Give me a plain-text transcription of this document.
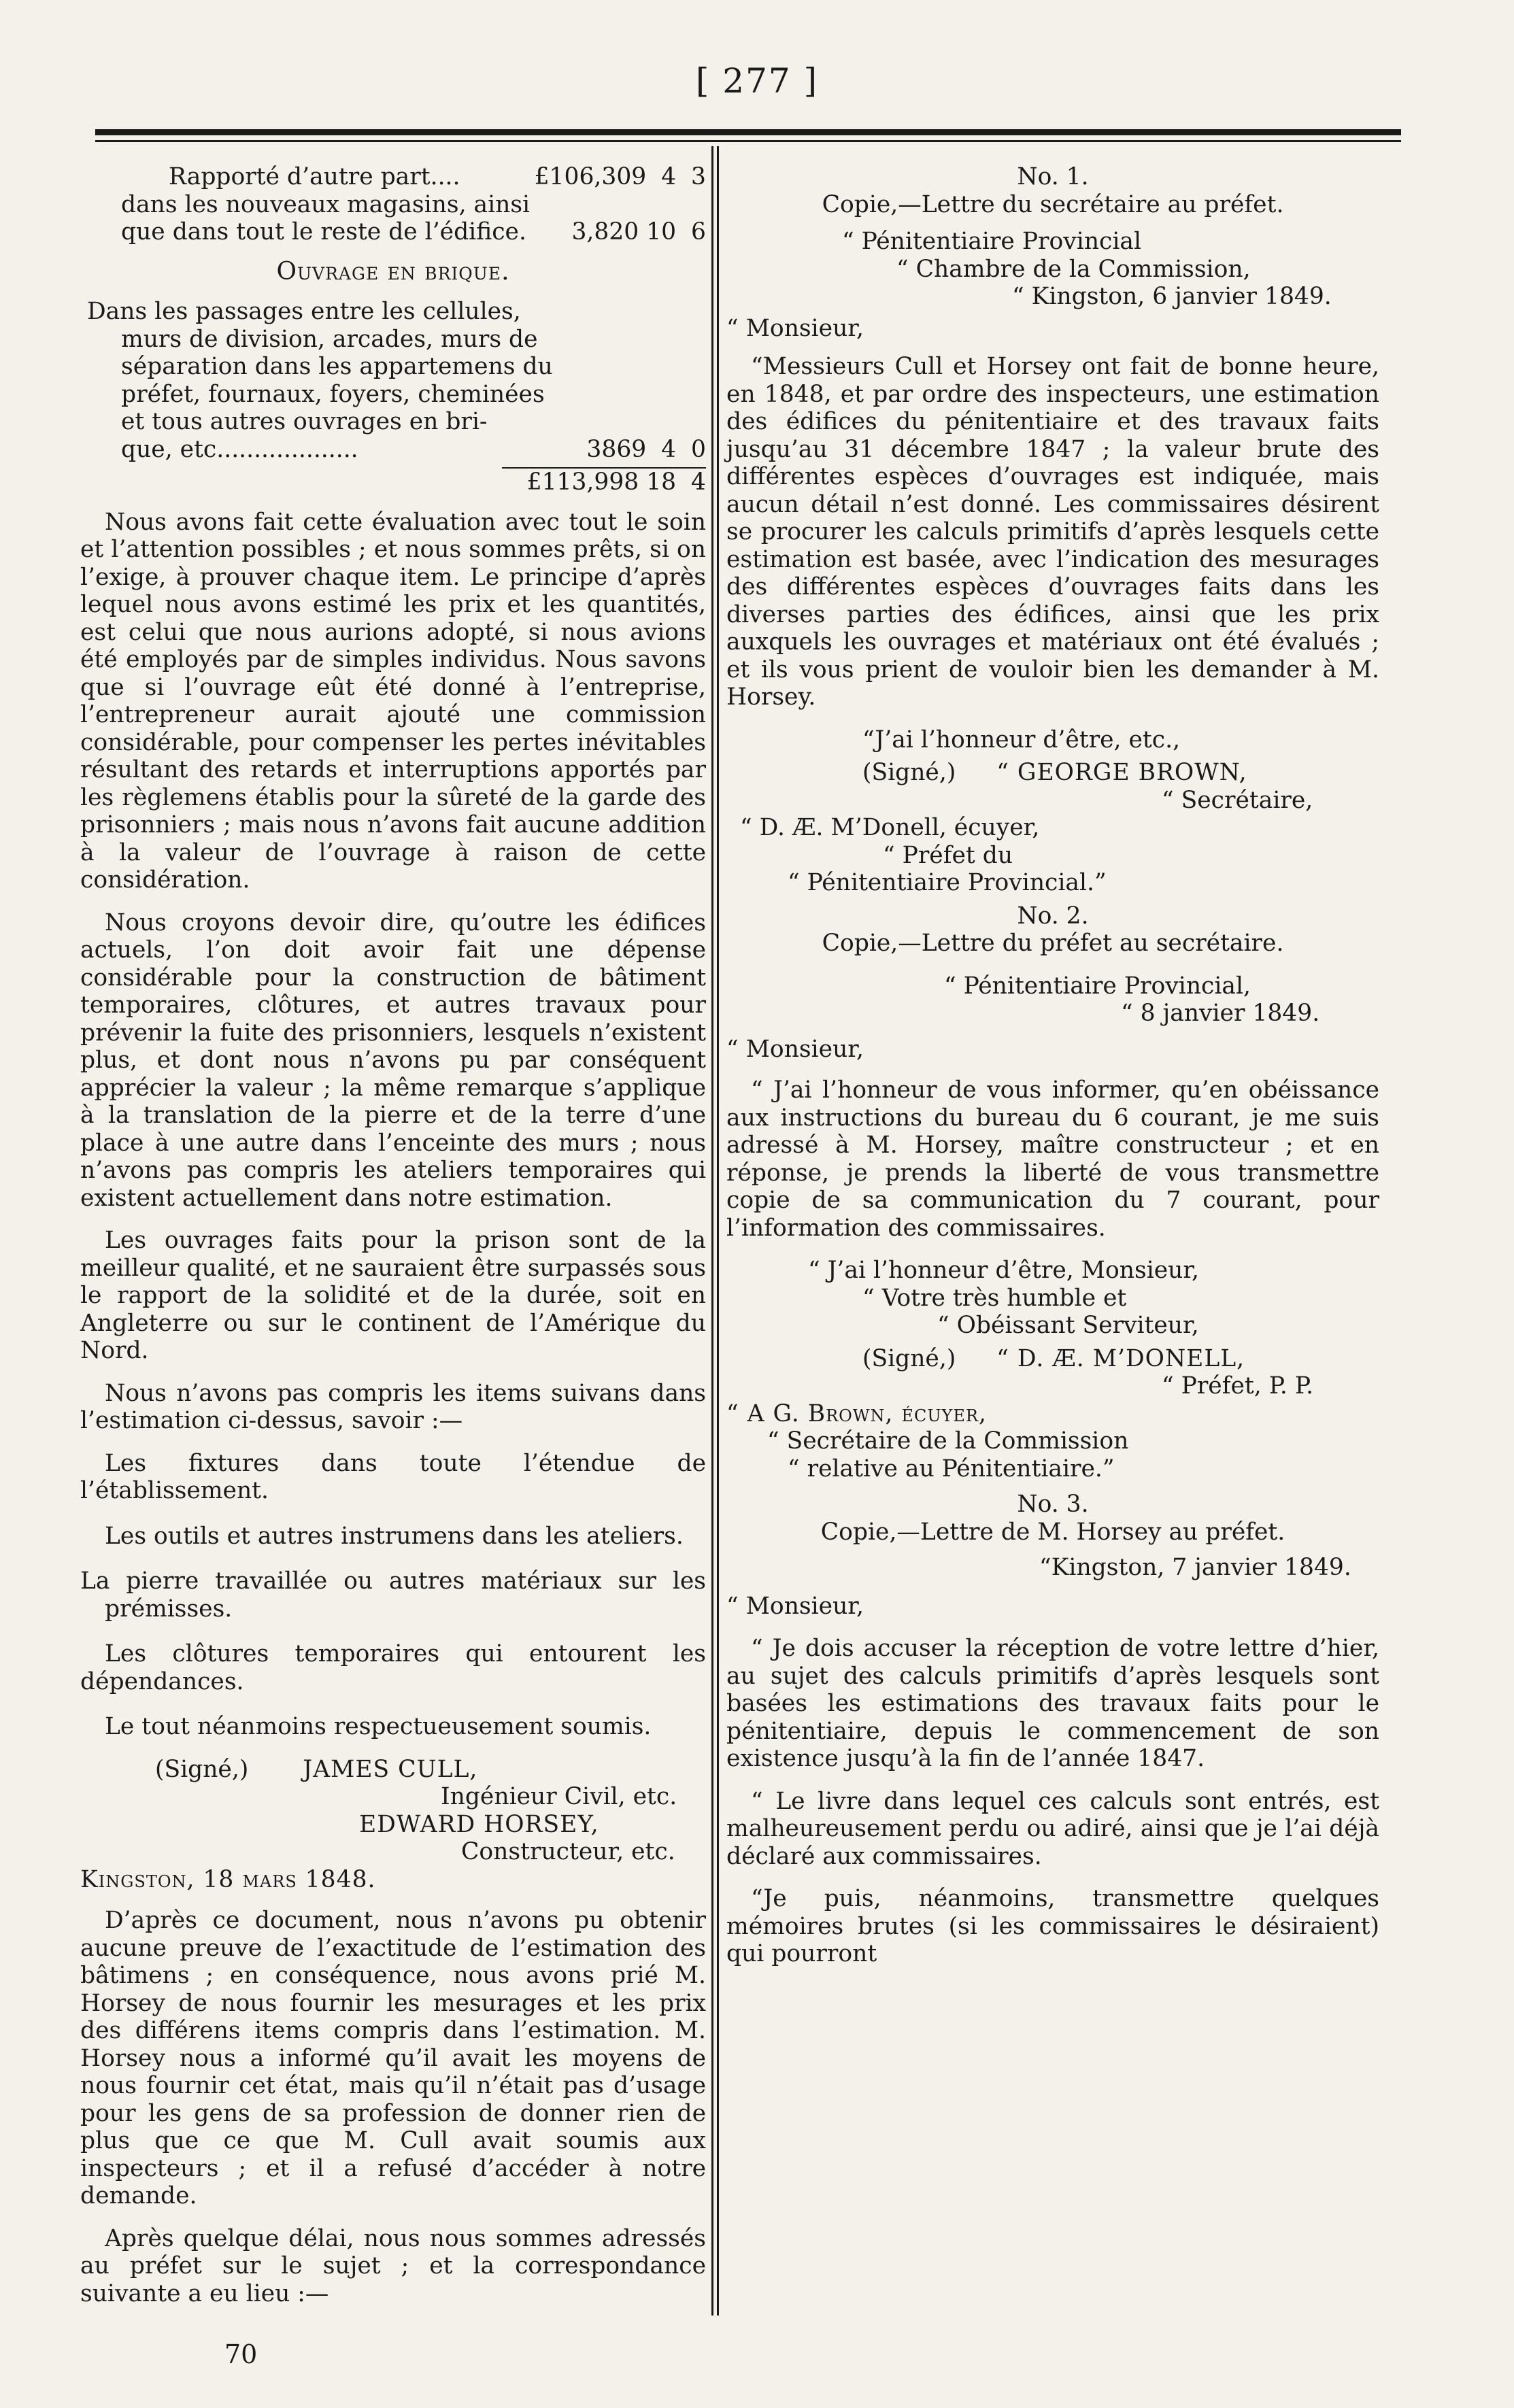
[ 277 ]
Rapporté d’autre part....	£106,309  4  3
dans les nouveaux magasins, ainsi
que dans tout le reste de l’édifice. 3,820 10  6
Ouvrage en brique.
Dans les passages entre les cellules,
murs de division, arcades, murs de
séparation dans les appartemens du
préfet, fournaux, foyers, cheminées
et tous autres ouvrages en bri-
que, etc...................	3869  4  0
£113,998 18  4

Nous avons fait cette évaluation avec tout le soin et l’attention possibles ; et nous sommes prêts, si on l’exige, à prouver chaque item. Le principe d’après lequel nous avons estimé les prix et les quantités, est celui que nous aurions adopté, si nous avions été employés par de simples individus. Nous savons que si l’ouvrage eût été donné à l’entreprise, l’entrepreneur aurait ajouté une commission considérable, pour compenser les pertes inévitables résultant des retards et interruptions apportés par les règlemens établis pour la sûreté de la garde des prisonniers ; mais nous n’avons fait aucune addition à la valeur de l’ouvrage à raison de cette considération.

Nous croyons devoir dire, qu’outre les édifices actuels, l’on doit avoir fait une dépense considérable pour la construction de bâtiment temporaires, clôtures, et autres travaux pour prévenir la fuite des prisonniers, lesquels n’existent plus, et dont nous n’avons pu par conséquent apprécier la valeur ; la même remarque s’applique à la translation de la pierre et de la terre d’une place à une autre dans l’enceinte des murs ; nous n’avons pas compris les ateliers temporaires qui existent actuellement dans notre estimation.

Les ouvrages faits pour la prison sont de la meilleur qualité, et ne sauraient être surpassés sous le rapport de la solidité et de la durée, soit en Angleterre ou sur le continent de l’Amérique du Nord.

Nous n’avons pas compris les items suivans dans l’estimation ci-dessus, savoir :—

Les fixtures dans toute l’étendue de l’établissement.

Les outils et autres instrumens dans les ateliers.

La pierre travaillée ou autres matériaux sur les prémisses.

Les clôtures temporaires qui entourent les dépendances.

Le tout néanmoins respectueusement soumis.

(Signé,) JAMES CULL,
Ingénieur Civil, etc.
EDWARD HORSEY,
Constructeur, etc.
Kingston, 18 mars 1848.

D’après ce document, nous n’avons pu obtenir aucune preuve de l’exactitude de l’estimation des bâtimens ; en conséquence, nous avons prié M. Horsey de nous fournir les mesurages et les prix des différens items compris dans l’estimation. M. Horsey nous a informé qu’il avait les moyens de nous fournir cet état, mais qu’il n’était pas d’usage pour les gens de sa profession de donner rien de plus que ce que M. Cull avait soumis aux inspecteurs ; et il a refusé d’accéder à notre demande.

Après quelque délai, nous nous sommes adressés au préfet sur le sujet ; et la correspondance suivante a eu lieu :—

No. 1.
Copie,—Lettre du secrétaire au préfet.
“ Pénitentiaire Provincial
“ Chambre de la Commission,
“ Kingston, 6 janvier 1849.
“ Monsieur,

“Messieurs Cull et Horsey ont fait de bonne heure, en 1848, et par ordre des inspecteurs, une estimation des édifices du pénitentiaire et des travaux faits jusqu’au 31 décembre 1847 ; la valeur brute des différentes espèces d’ouvrages est indiquée, mais aucun détail n’est donné. Les commissaires désirent se procurer les calculs primitifs d’après lesquels cette estimation est basée, avec l’indication des mesurages des différentes espèces d’ouvrages faits dans les diverses parties des édifices, ainsi que les prix auxquels les ouvrages et matériaux ont été évalués ; et ils vous prient de vouloir bien les demander à M. Horsey.

“J’ai l’honneur d’être, etc.,
(Signé,) “ GEORGE BROWN,
“ Secrétaire,
“ D. Æ. M’Donell, écuyer,
“ Préfet du
“ Pénitentiaire Provincial.”
No. 2.
Copie,—Lettre du préfet au secrétaire.
“ Pénitentiaire Provincial,
“ 8 janvier 1849.
“ Monsieur,

“ J’ai l’honneur de vous informer, qu’en obéissance aux instructions du bureau du 6 courant, je me suis adressé à M. Horsey, maître constructeur ; et en réponse, je prends la liberté de vous transmettre copie de sa communication du 7 courant, pour l’information des commissaires.

“ J’ai l’honneur d’être, Monsieur,
“ Votre très humble et
“ Obéissant Serviteur,
(Signé,) “ D. Æ. M’DONELL,
“ Préfet, P. P.
“ A G. Brown, écuyer,
“ Secrétaire de la Commission
“ relative au Pénitentiaire.”
No. 3.
Copie,—Lettre de M. Horsey au préfet.
“Kingston, 7 janvier 1849.
“ Monsieur,

“ Je dois accuser la réception de votre lettre d’hier, au sujet des calculs primitifs d’après lesquels sont basées les estimations des travaux faits pour le pénitentiaire, depuis le commencement de son existence jusqu’à la fin de l’année 1847.

“ Le livre dans lequel ces calculs sont entrés, est malheureusement perdu ou adiré, ainsi que je l’ai déjà déclaré aux commissaires.

“Je puis, néanmoins, transmettre quelques mémoires brutes (si les commissaires le désiraient) qui pourront

70
